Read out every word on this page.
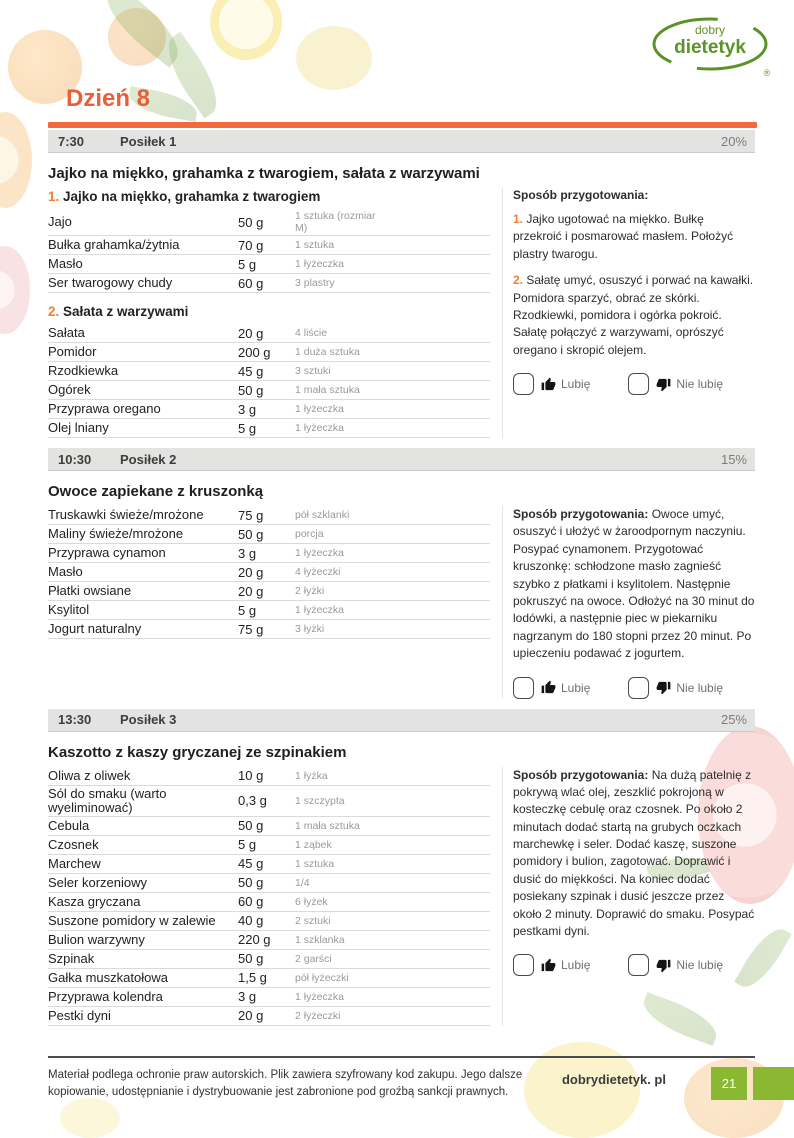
dobry
dietetyk
®
Dzień 8
7:30	Posiłek 1	20%
Jajko na miękko, grahamka z twarogiem, sałata z warzywami
1. Jajko na miękko, grahamka z twarogiem
Jajo	50 g	1 sztuka (rozmiar M)
Bułka grahamka/żytnia	70 g	1 sztuka
Masło	5 g	1 łyżeczka
Ser twarogowy chudy	60 g	3 plastry
2. Sałata z warzywami
Sałata	20 g	4 liście
Pomidor	200 g	1 duża sztuka
Rzodkiewka	45 g	3 sztuki
Ogórek	50 g	1 mała sztuka
Przyprawa oregano	3 g	1 łyżeczka
Olej lniany	5 g	1 łyżeczka

Sposób przygotowania:

1. Jajko ugotować na miękko. Bułkę przekroić i posmarować masłem. Położyć plastry twarogu.

2. Sałatę umyć, osuszyć i porwać na kawałki. Pomidora sparzyć, obrać ze skórki. Rzodkiewki, pomidora i ogórka pokroić. Sałatę połączyć z warzywami, oprószyć oregano i skropić olejem.

Lubię	Nie lubię
10:30	Posiłek 2	15%
Owoce zapiekane z kruszonką
Truskawki świeże/mrożone	75 g	pół szklanki
Maliny świeże/mrożone	50 g	porcja
Przyprawa cynamon	3 g	1 łyżeczka
Masło	20 g	4 łyżeczki
Płatki owsiane	20 g	2 łyżki
Ksylitol	5 g	1 łyżeczka
Jogurt naturalny	75 g	3 łyżki

Sposób przygotowania: Owoce umyć, osuszyć i ułożyć w żaroodpornym naczyniu. Posypać cynamonem. Przygotować kruszonkę: schłodzone masło zagnieść szybko z płatkami i ksylitolem. Następnie pokruszyć na owoce. Odłożyć na 30 minut do lodówki, a następnie piec w piekarniku nagrzanym do 180 stopni przez 20 minut. Po upieczeniu podawać z jogurtem.

Lubię	Nie lubię
13:30	Posiłek 3	25%
Kaszotto z kaszy gryczanej ze szpinakiem
Oliwa z oliwek	10 g	1 łyżka
Sól do smaku (warto wyeliminować)	0,3 g	1 szczypta
Cebula	50 g	1 mała sztuka
Czosnek	5 g	1 ząbek
Marchew	45 g	1 sztuka
Seler korzeniowy	50 g	1/4
Kasza gryczana	60 g	6 łyżek
Suszone pomidory w zalewie	40 g	2 sztuki
Bulion warzywny	220 g	1 szklanka
Szpinak	50 g	2 garści
Gałka muszkatołowa	1,5 g	pół łyżeczki
Przyprawa kolendra	3 g	1 łyżeczka
Pestki dyni	20 g	2 łyżeczki

Sposób przygotowania: Na dużą patelnię z pokrywą wlać olej, zeszklić pokrojoną w kosteczkę cebulę oraz czosnek. Po około 2 minutach dodać startą na grubych oczkach marchewkę i seler. Dodać kaszę, suszone pomidory i bulion, zagotować. Doprawić i dusić do miękkości. Na koniec dodać posiekany szpinak i dusić jeszcze przez około 2 minuty. Doprawić do smaku. Posypać pestkami dyni.

Lubię	Nie lubię
Materiał podlega ochronie praw autorskich. Plik zawiera szyfrowany kod zakupu. Jego dalsze kopiowanie, udostępnianie i dystrybuowanie jest zabronione pod groźbą sankcji prawnych.
dobrydietetyk. pl	21
